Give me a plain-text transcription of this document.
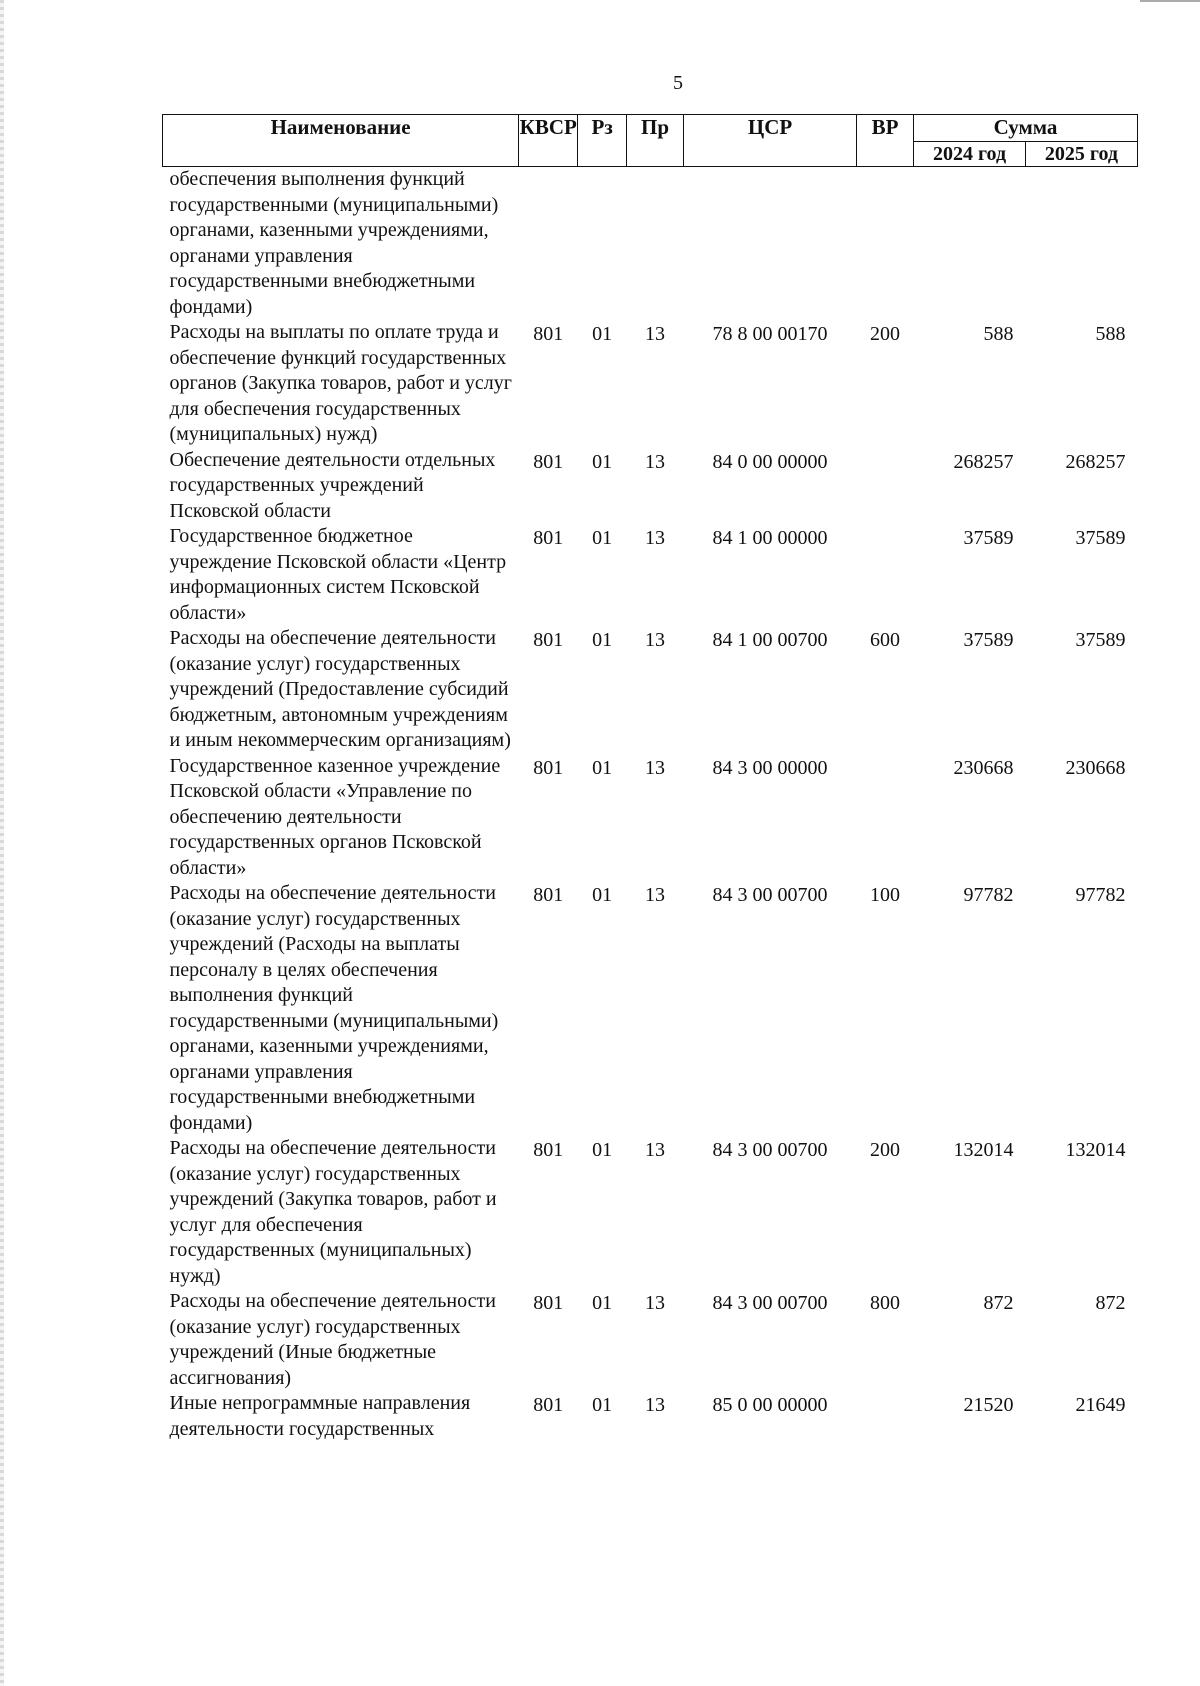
5
Наименование	КВСР	Рз	Пр	ЦСР	ВР	Сумма	
						2024 год	2025 год
обеспечения выполнения функций государственными (муниципальными) органами, казенными учреждениями, органами управления государственными внебюджетными фондами)							
Расходы на выплаты по оплате труда и обеспечение функций государственных органов (Закупка товаров, работ и услуг для обеспечения государственных (муниципальных) нужд)	801	01	13	78 8 00 00170	200	588	588
Обеспечение деятельности отдельных государственных учреждений Псковской области	801	01	13	84 0 00 00000		268257	268257
Государственное бюджетное учреждение Псковской области «Центр информационных систем Псковской области»	801	01	13	84 1 00 00000		37589	37589
Расходы на обеспечение деятельности (оказание услуг) государственных учреждений (Предоставление субсидий бюджетным, автономным учреждениям и иным некоммерческим организациям)	801	01	13	84 1 00 00700	600	37589	37589
Государственное казенное учреждение Псковской области «Управление по обеспечению деятельности государственных органов Псковской области»	801	01	13	84 3 00 00000		230668	230668
Расходы на обеспечение деятельности (оказание услуг) государственных учреждений (Расходы на выплаты персоналу в целях обеспечения выполнения функций государственными (муниципальными) органами, казенными учреждениями, органами управления государственными внебюджетными фондами)	801	01	13	84 3 00 00700	100	97782	97782
Расходы на обеспечение деятельности (оказание услуг) государственных учреждений (Закупка товаров, работ и услуг для обеспечения государственных (муниципальных) нужд)	801	01	13	84 3 00 00700	200	132014	132014
Расходы на обеспечение деятельности (оказание услуг) государственных учреждений (Иные бюджетные ассигнования)	801	01	13	84 3 00 00700	800	872	872
Иные непрограммные направления деятельности государственных	801	01	13	85 0 00 00000		21520	21649
